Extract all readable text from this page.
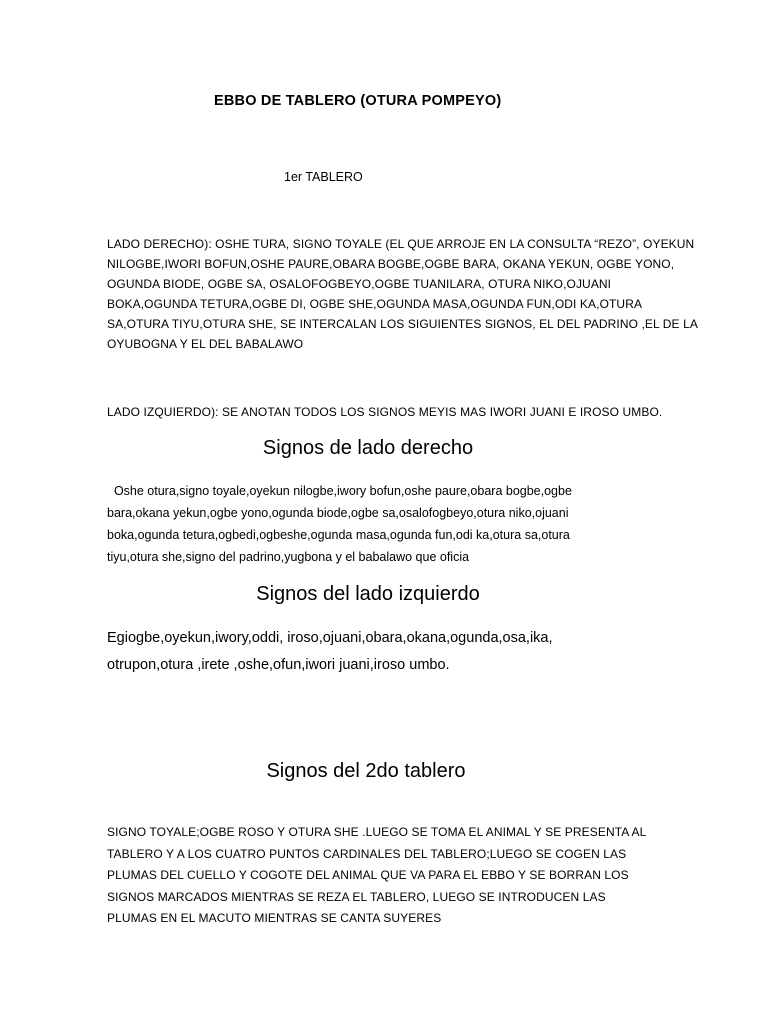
EBBO DE TABLERO (OTURA POMPEYO)
1er TABLERO
LADO DERECHO): OSHE TURA, SIGNO TOYALE (EL QUE ARROJE EN LA CONSULTA “REZO”, OYEKUN
NILOGBE,IWORI BOFUN,OSHE PAURE,OBARA BOGBE,OGBE BARA, OKANA YEKUN, OGBE YONO,
OGUNDA BIODE, OGBE SA, OSALOFOGBEYO,OGBE TUANILARA, OTURA NIKO,OJUANI
BOKA,OGUNDA TETURA,OGBE DI, OGBE SHE,OGUNDA MASA,OGUNDA FUN,ODI KA,OTURA
SA,OTURA TIYU,OTURA SHE, SE INTERCALAN LOS SIGUIENTES SIGNOS, EL DEL PADRINO ,EL DE LA
OYUBOGNA Y EL DEL BABALAWO
LADO IZQUIERDO): SE ANOTAN TODOS LOS SIGNOS MEYIS MAS IWORI JUANI E IROSO UMBO.
Signos de lado derecho
Oshe otura,signo toyale,oyekun nilogbe,iwory bofun,oshe paure,obara bogbe,ogbe
bara,okana yekun,ogbe yono,ogunda biode,ogbe sa,osalofogbeyo,otura niko,ojuani
boka,ogunda tetura,ogbedi,ogbeshe,ogunda masa,ogunda fun,odi ka,otura sa,otura
tiyu,otura she,signo del padrino,yugbona y el babalawo que oficia
Signos del lado izquierdo
Egiogbe,oyekun,iwory,oddi, iroso,ojuani,obara,okana,ogunda,osa,ika,
otrupon,otura ,irete ,oshe,ofun,iwori juani,iroso umbo.
Signos del 2do tablero
SIGNO TOYALE;OGBE ROSO Y OTURA SHE .LUEGO SE TOMA EL ANIMAL Y SE PRESENTA AL
TABLERO Y A LOS CUATRO PUNTOS CARDINALES DEL TABLERO;LUEGO SE COGEN LAS
PLUMAS DEL CUELLO Y COGOTE DEL ANIMAL QUE VA PARA EL EBBO Y SE BORRAN LOS
SIGNOS MARCADOS MIENTRAS SE REZA EL TABLERO, LUEGO SE INTRODUCEN LAS
PLUMAS EN EL MACUTO MIENTRAS SE CANTA SUYERES
